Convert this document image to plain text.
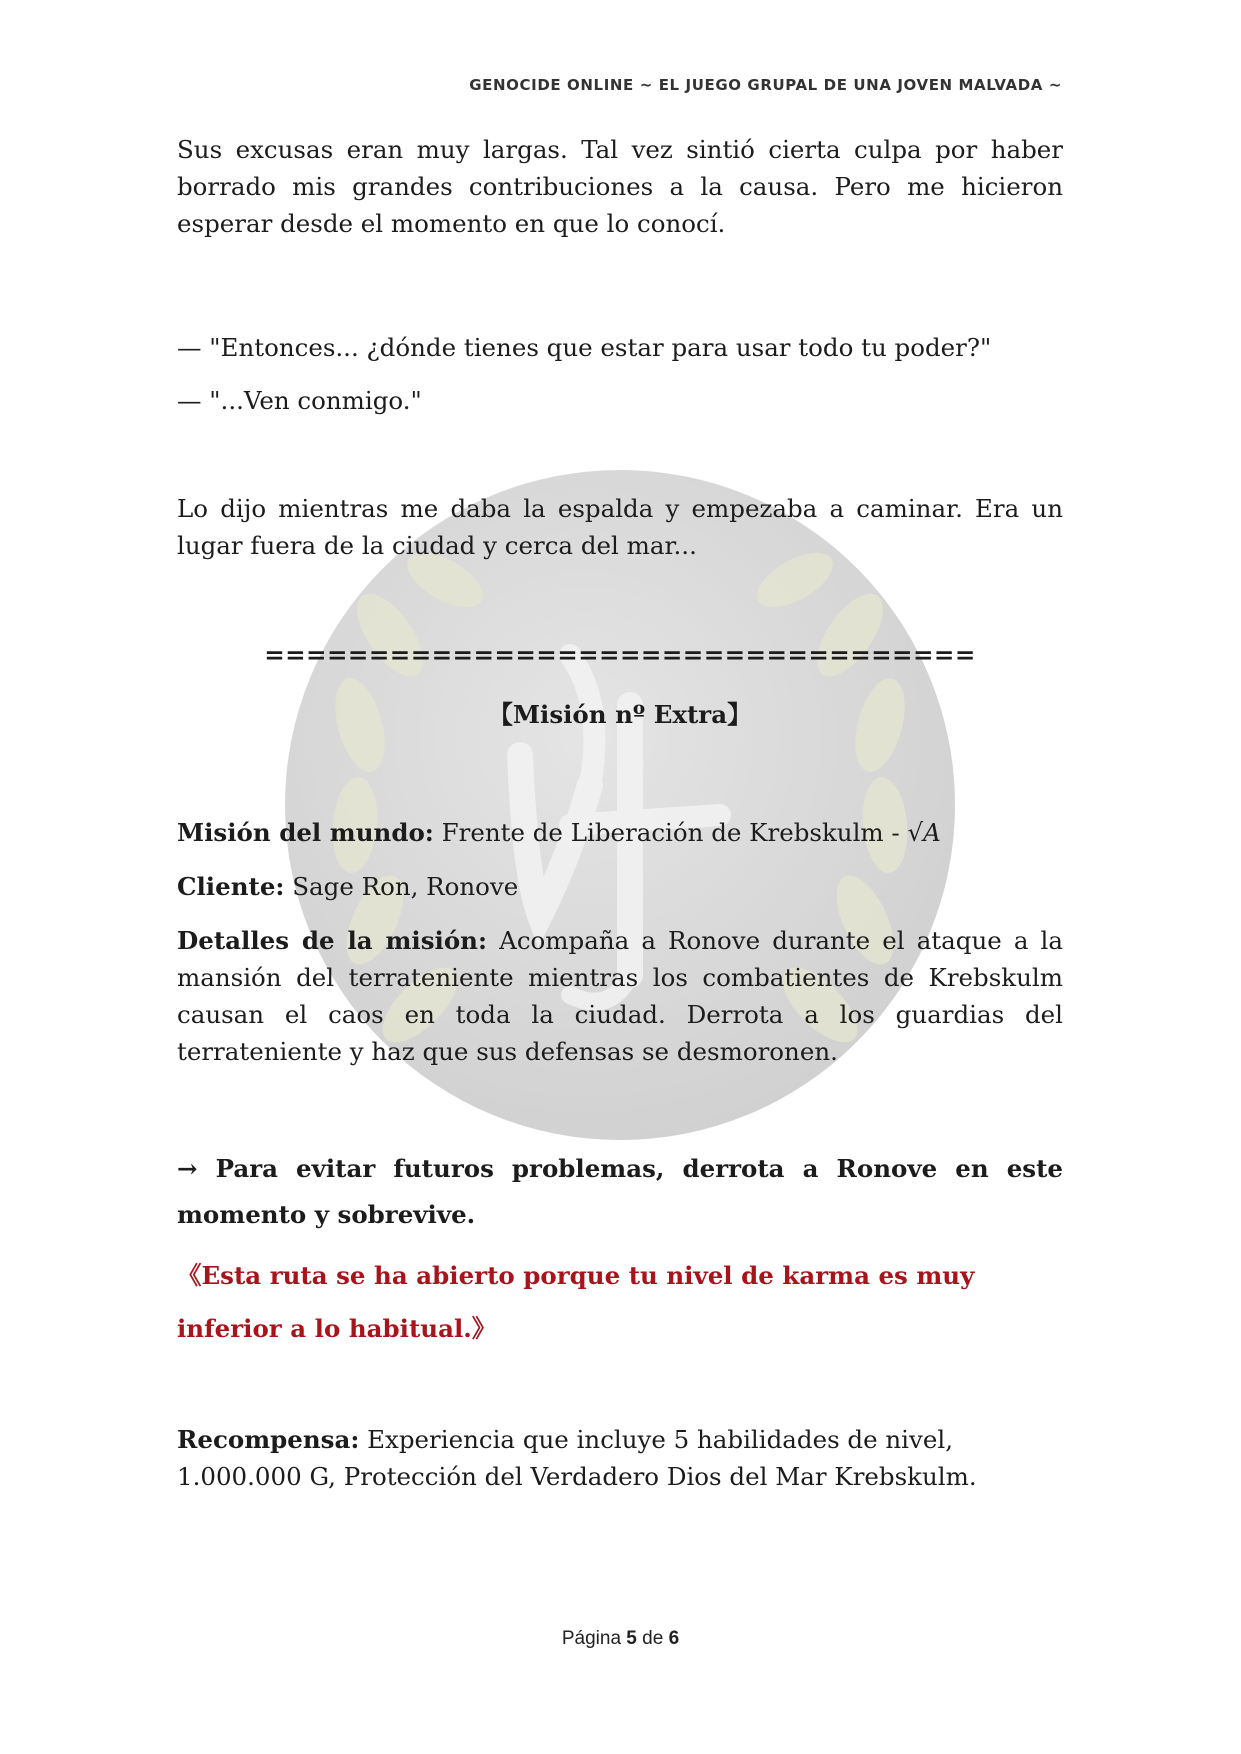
GENOCIDE ONLINE ~ EL JUEGO GRUPAL DE UNA JOVEN MALVADA ~

Sus excusas eran muy largas. Tal vez sintió cierta culpa por haber borrado mis grandes contribuciones a la causa. Pero me hicieron esperar desde el momento en que lo conocí.

— "Entonces... ¿dónde tienes que estar para usar todo tu poder?"

— "...Ven conmigo."

Lo dijo mientras me daba la espalda y empezaba a caminar. Era un lugar fuera de la ciudad y cerca del mar...

==================================
【Misión nº Extra】

Misión del mundo: Frente de Liberación de Krebskulm - √A

Cliente: Sage Ron, Ronove

Detalles de la misión: Acompaña a Ronove durante el ataque a la mansión del terrateniente mientras los combatientes de Krebskulm causan el caos en toda la ciudad. Derrota a los guardias del terrateniente y haz que sus defensas se desmoronen.

→ Para evitar futuros problemas, derrota a Ronove en este momento y sobrevive.

《Esta ruta se ha abierto porque tu nivel de karma es muy inferior a lo habitual.》

Recompensa: Experiencia que incluye 5 habilidades de nivel, 1.000.000 G, Protección del Verdadero Dios del Mar Krebskulm.

Página 5 de 6
